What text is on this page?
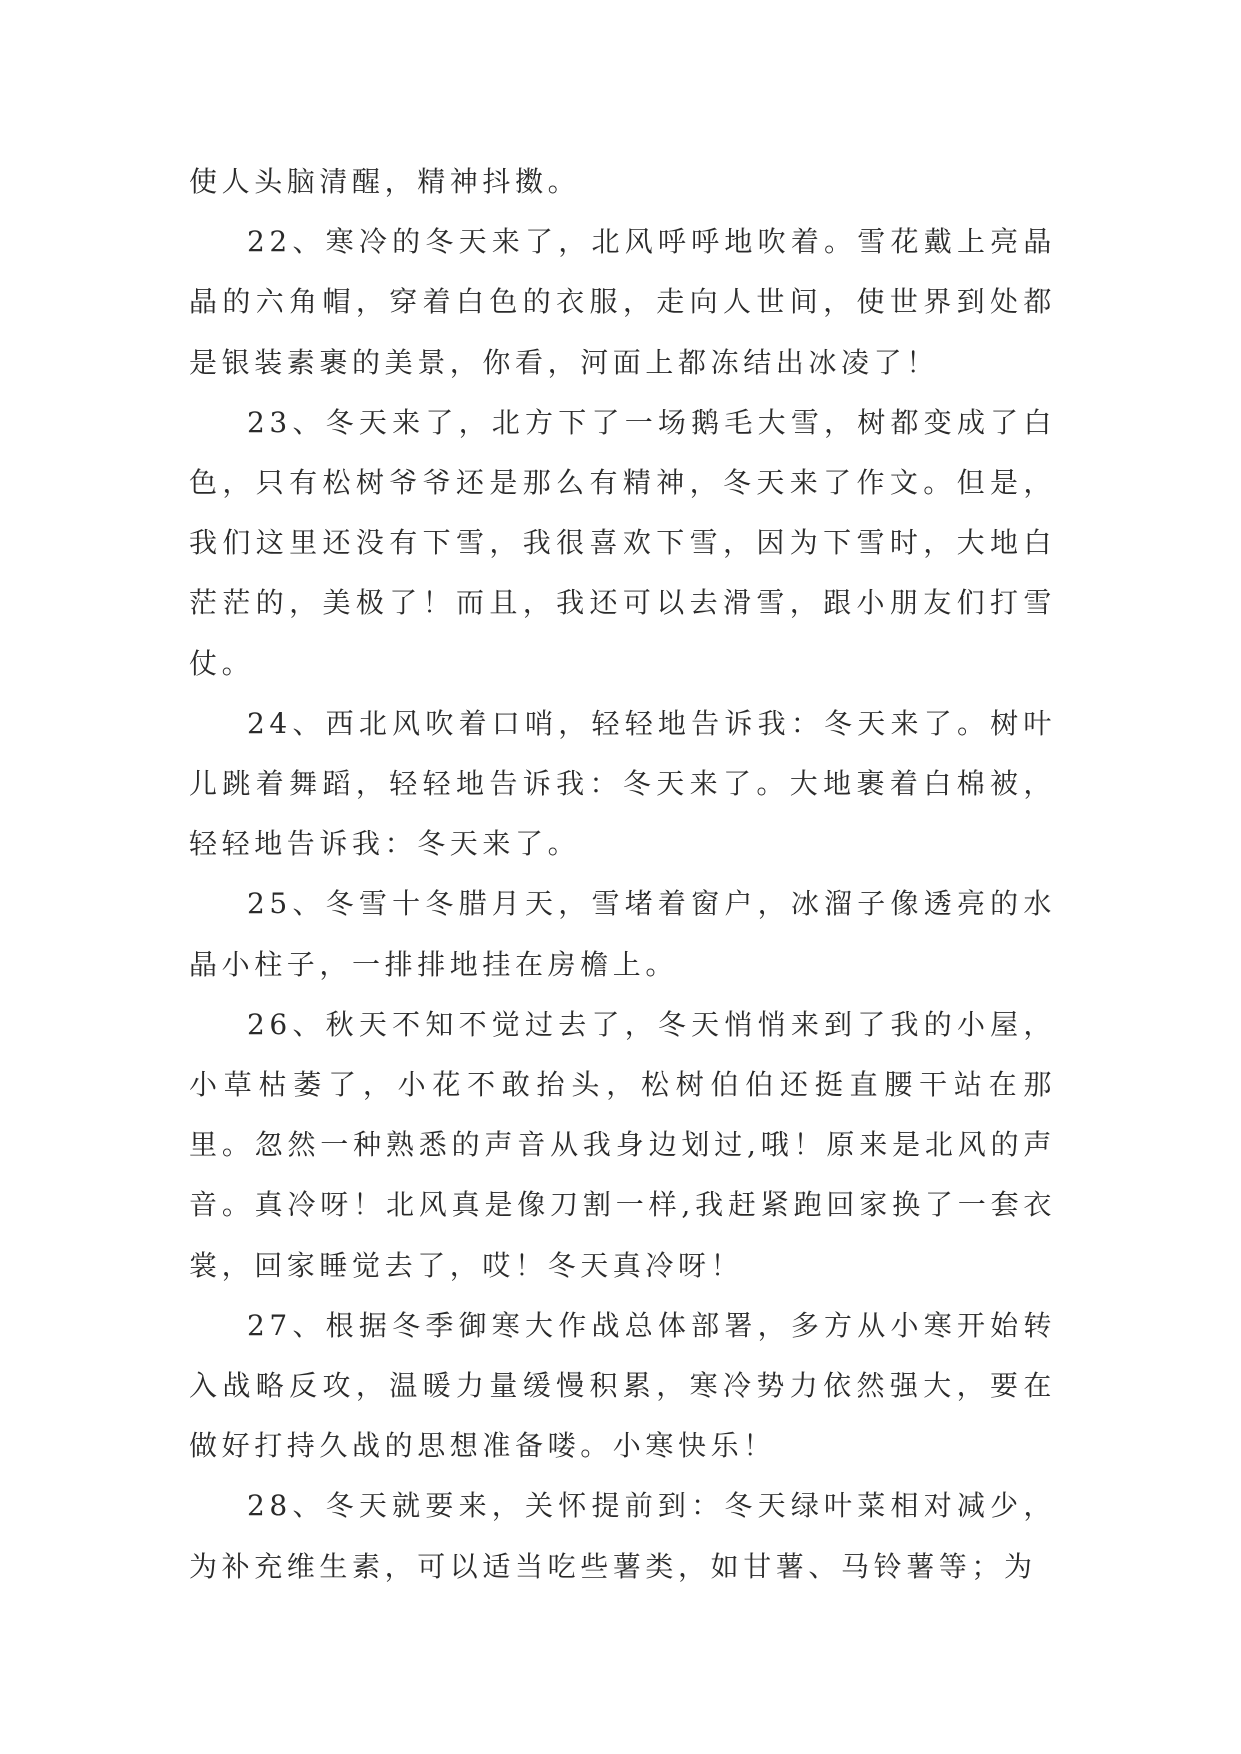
使人头脑清醒，精神抖擞。

22、寒冷的冬天来了，北风呼呼地吹着。雪花戴上亮晶晶的六角帽，穿着白色的衣服，走向人世间，使世界到处都是银装素裹的美景，你看，河面上都冻结出冰凌了！

23、冬天来了，北方下了一场鹅毛大雪，树都变成了白色，只有松树爷爷还是那么有精神，冬天来了作文。但是，我们这里还没有下雪，我很喜欢下雪，因为下雪时，大地白茫茫的，美极了！而且，我还可以去滑雪，跟小朋友们打雪仗。

24、西北风吹着口哨，轻轻地告诉我：冬天来了。树叶儿跳着舞蹈，轻轻地告诉我：冬天来了。大地裹着白棉被，轻轻地告诉我：冬天来了。

25、冬雪十冬腊月天，雪堵着窗户，冰溜子像透亮的水晶小柱子，一排排地挂在房檐上。

26、秋天不知不觉过去了，冬天悄悄来到了我的小屋，小草枯萎了，小花不敢抬头，松树伯伯还挺直腰干站在那里。忽然一种熟悉的声音从我身边划过,哦！原来是北风的声音。真冷呀！北风真是像刀割一样,我赶紧跑回家换了一套衣裳，回家睡觉去了，哎！冬天真冷呀！

27、根据冬季御寒大作战总体部署，多方从小寒开始转入战略反攻，温暖力量缓慢积累，寒冷势力依然强大，要在做好打持久战的思想准备喽。小寒快乐！

28、冬天就要来，关怀提前到：冬天绿叶菜相对减少，为补充维生素，可以适当吃些薯类，如甘薯、马铃薯等；为
